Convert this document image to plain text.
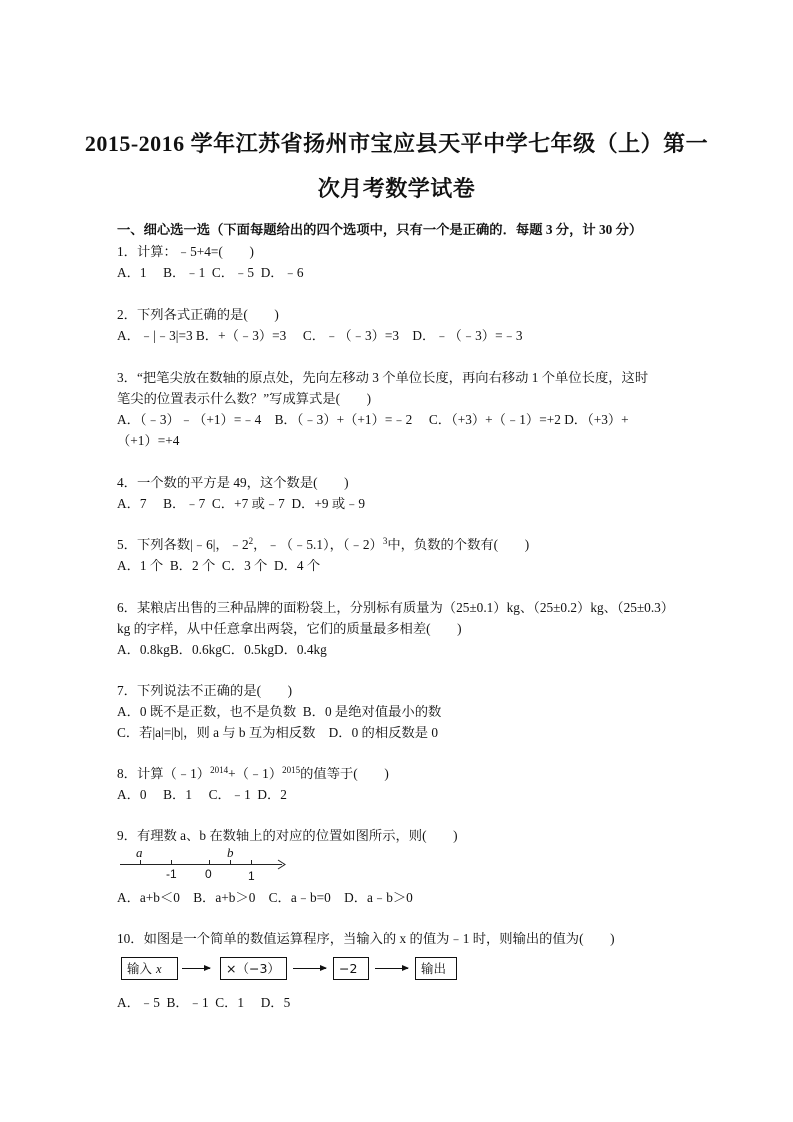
2015-2016 学年江苏省扬州市宝应县天平中学七年级（上）第一
次月考数学试卷
一、细心选一选（下面每题给出的四个选项中，只有一个是正确的．每题 3 分，计 30 分）
1．计算：﹣5+4=(　　)
A．1　 B．﹣1  C．﹣5  D．﹣6
2．下列各式正确的是(　　)
A．﹣|﹣3|=3 B．+（﹣3）=3　 C．﹣（﹣3）=3　D．﹣（﹣3）=﹣3
3．“把笔尖放在数轴的原点处，先向左移动 3 个单位长度，再向右移动 1 个单位长度，这时
笔尖的位置表示什么数？”写成算式是(　　)
A．（﹣3）﹣（+1）=﹣4　B．（﹣3）+（+1）=﹣2　 C．（+3）+（﹣1）=+2 D．（+3）+
（+1）=+4
4．一个数的平方是 49，这个数是(　　)
A．7　 B．﹣7  C．+7 或﹣7  D．+9 或﹣9
5．下列各数|﹣6|，$﹣2^2$，﹣（﹣5.1），（﹣2）$^3$中，负数的个数有(　　)
A．1 个  B．2 个  C．3 个  D．4 个
6．某粮店出售的三种品牌的面粉袋上，分别标有质量为（25±0.1）kg、（25±0.2）kg、（25±0.3）
kg 的字样，从中任意拿出两袋，它们的质量最多相差(　　)
A．0.8kgB．0.6kgC．0.5kgD．0.4kg
7．下列说法不正确的是(　　)
A．0 既不是正数，也不是负数  B．0 是绝对值最小的数
C．若|a|=|b|，则 a 与 b 互为相反数　D．0 的相反数是 0
8．计算（﹣1）$^{2014}$+（﹣1）$^{2015}$的值等于(　　)
A．0　 B．1　 C．﹣1  D．2
9．有理数 a、b 在数轴上的对应的位置如图所示，则(　　)
a	b
-1 0	1
A．a+b＜0　B．a+b＞0　C．a﹣b=0　D．a﹣b＞0
10．如图是一个简单的数值运算程序，当输入的 x 的值为﹣1 时，则输出的值为(　　)
输入 x	×（−3）	−2	输出
A．﹣5  B．﹣1  C．1　 D．5
